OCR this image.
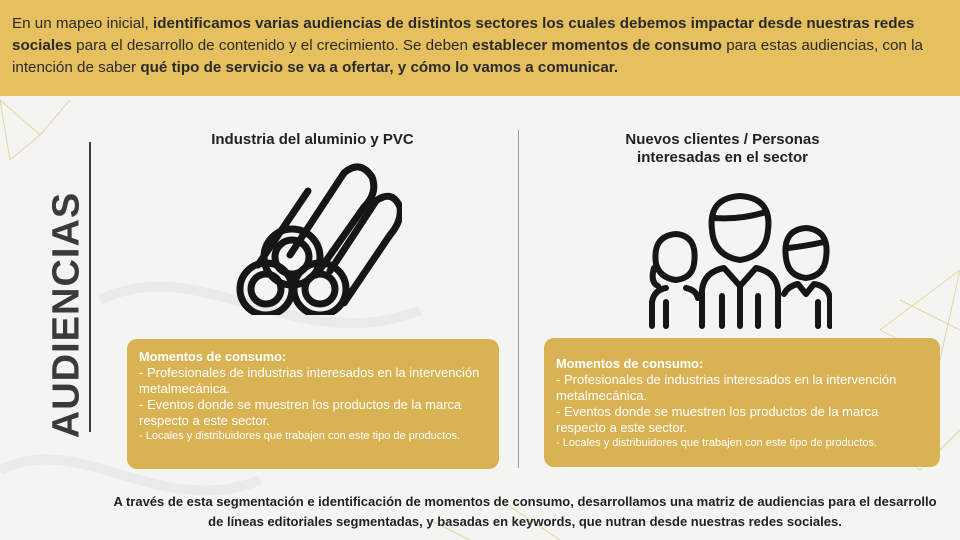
En un mapeo inicial, identificamos varias audiencias de distintos sectores los cuales debemos impactar desde nuestras redes sociales para el desarrollo de contenido y el crecimiento. Se deben establecer momentos de consumo para estas audiencias, con la intención de saber qué tipo de servicio se va a ofertar, y cómo lo vamos a comunicar.
AUDIENCIAS
Industria del aluminio y PVC
Momentos de consumo:
- Profesionales de industrias interesados en la intervención metalmecánica.
- Eventos donde se muestren los productos de la marca respecto a este sector.
- Locales y distribuidores que trabajen con este tipo de productos.
Nuevos clientes / Personas interesadas en el sector
Momentos de consumo:
- Profesionales de industrias interesados en la intervención metalmecánica.
- Eventos donde se muestren los productos de la marca respecto a este sector.
- Locales y distribuidores que trabajen con este tipo de productos.
A través de esta segmentación e identificación de momentos de consumo, desarrollamos una matriz de audiencias para el desarrollo de líneas editoriales segmentadas, y basadas en keywords, que nutran desde nuestras redes sociales.
